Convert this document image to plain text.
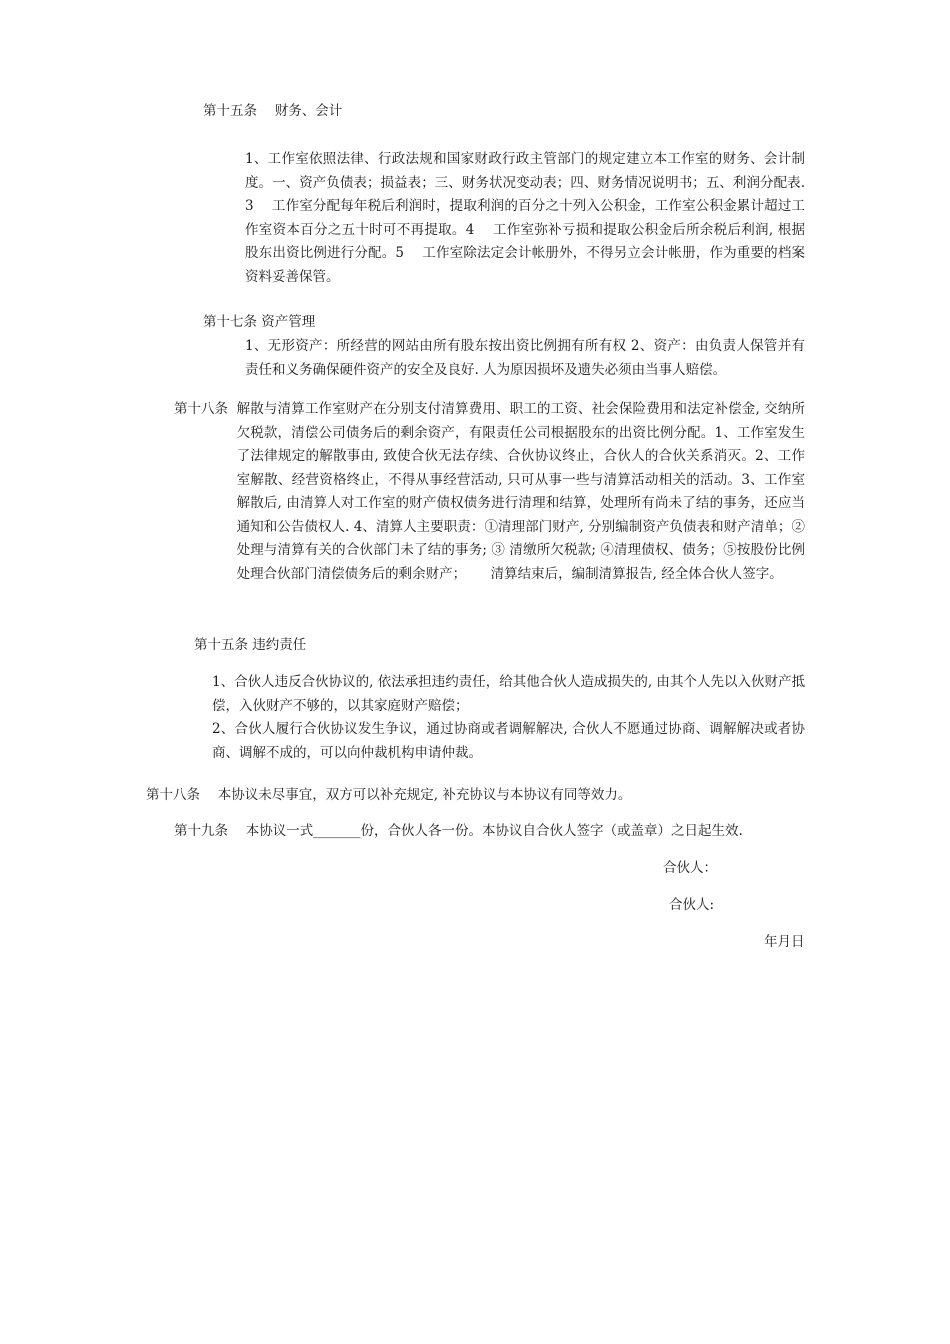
第十五条　 财务、会计
1、工作室依照法律、行政法规和国家财政行政主管部门的规定建立本工作室的财务、会计制度。一、资产负债表；损益表；三、财务状况变动表；四、财务情况说明书；五、利润分配表. 3　 工作室分配每年税后利润时，提取利润的百分之十列入公积金，工作室公积金累计超过工作室资本百分之五十时可不再提取。4　 工作室弥补亏损和提取公积金后所余税后利润, 根据股东出资比例进行分配。5　 工作室除法定会计帐册外，不得另立会计帐册，作为重要的档案资料妥善保管。
第十七条 资产管理
1、无形资产：所经营的网站由所有股东按出资比例拥有所有权 2、资产：由负责人保管并有责任和义务确保硬件资产的安全及良好. 人为原因损坏及遗失必须由当事人赔偿。
第十八条 解散与清算工作室财产在分别支付清算费用、职工的工资、社会保险费用和法定补偿金, 交纳所欠税款，清偿公司债务后的剩余资产，有限责任公司根据股东的出资比例分配。1、工作室发生了法律规定的解散事由, 致使合伙无法存续、合伙协议终止，合伙人的合伙关系消灭。2、工作室解散、经营资格终止，不得从事经营活动, 只可从事一些与清算活动相关的活动。3、工作室解散后, 由清算人对工作室的财产债权债务进行清理和结算，处理所有尚未了结的事务，还应当通知和公告债权人. 4、清算人主要职责：①清理部门财产, 分别编制资产负债表和财产清单；②处理与清算有关的合伙部门未了结的事务; ③ 清缴所欠税款; ④清理债权、债务；⑤按股份比例处理合伙部门清偿债务后的剩余财产；　　 清算结束后，编制清算报告, 经全体合伙人签字。
第十五条 违约责任
1、合伙人违反合伙协议的, 依法承担违约责任，给其他合伙人造成损失的, 由其个人先以入伙财产抵偿，入伙财产不够的，以其家庭财产赔偿；
2、合伙人履行合伙协议发生争议，通过协商或者调解解决, 合伙人不愿通过协商、调解解决或者协商、调解不成的，可以向仲裁机构申请仲裁。
第十八条　 本协议未尽事宜，双方可以补充规定, 补充协议与本协议有同等效力。
第十九条　 本协议一式_______份，合伙人各一份。本协议自合伙人签字（或盖章）之日起生效.
合伙人：
合伙人:
年月日
